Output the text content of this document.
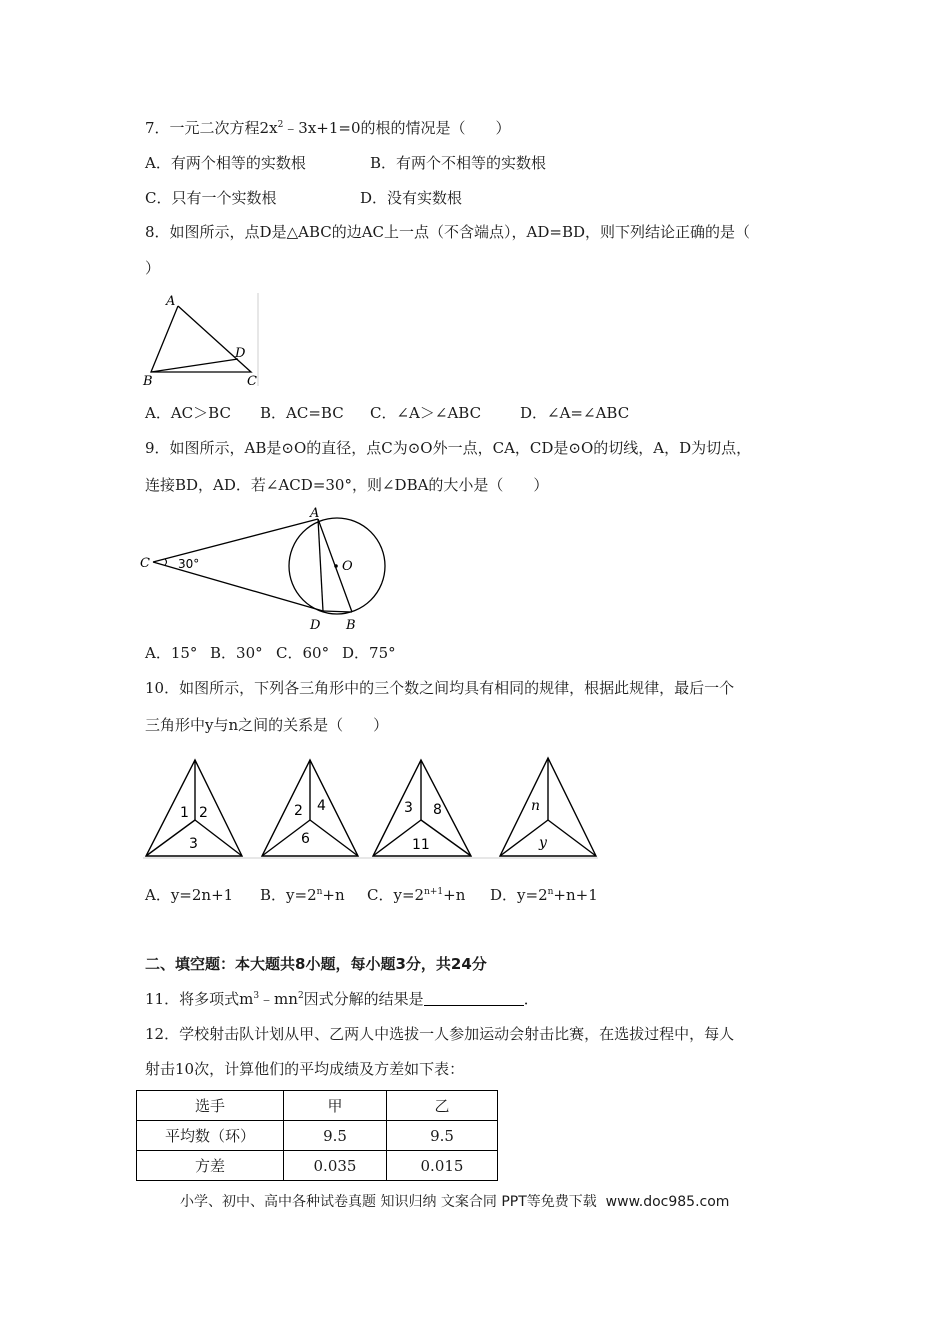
7．一元二次方程$2x^2﹣3x+1=0$的根的情况是（　　）
A．有两个相等的实数根	B．有两个不相等的实数根
C．只有一个实数根	D．没有实数根
8．如图所示，点D是△ABC的边AC上一点（不含端点），AD=BD，则下列结论正确的是（
）
A
B	C
D
A．AC＞BC B．AC=BC C．∠A＞∠ABC	D．∠A=∠ABC
9．如图所示，AB是⊙O的直径，点C为⊙O外一点，CA，CD是⊙O的切线，A，D为切点，
连接BD，AD．若∠ACD=30°，则∠DBA的大小是（　　）
A
C	O
D B
30°
A．15° B．30° C．60° D．75°
10．如图所示，下列各三角形中的三个数之间均具有相同的规律，根据此规律，最后一个
三角形中y与n之间的关系是（　　）
1 2
3
2 4
6
3 8
11
n
y
A．y=2n+1 B．$y=2^n+n$ C．$y=2^{n+1}+n$ D．$y=2^n+n+1$
二、填空题：本大题共8小题，每小题3分，共24分
11．将多项式$m^3﹣mn^2$因式分解的结果是	．
12．学校射击队计划从甲、乙两人中选拔一人参加运动会射击比赛，在选拔过程中，每人
射击10次，计算他们的平均成绩及方差如下表：
选手	甲	乙
平均数（环）	9.5	9.5
方差	0.035	0.015
小学、初中、高中各种试卷真题 知识归纳 文案合同 PPT等免费下载  www.doc985.com
